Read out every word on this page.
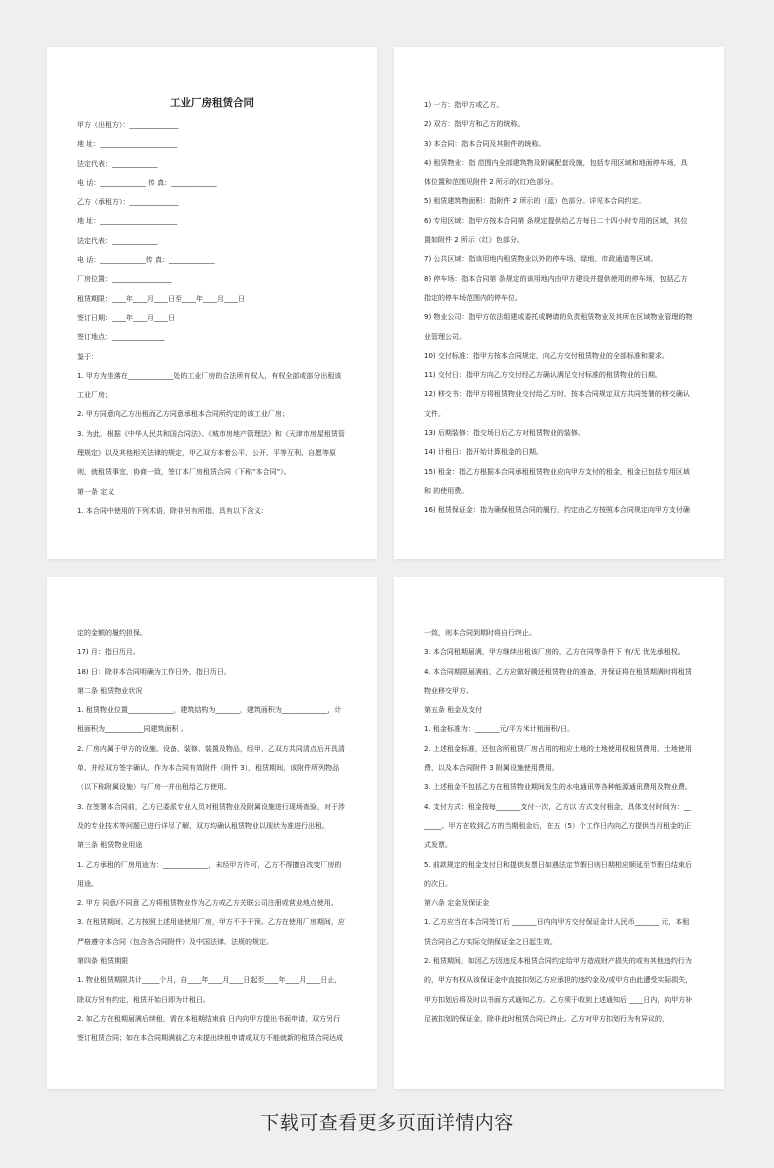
工业厂房租赁合同

甲方（出租方）：______________

地 址：______________________

法定代表：_____________

电 话：_____________ 传 真：_____________

乙方（承租方）：______________

地 址：______________________

法定代表：_____________

电 话：_____________传 真：_____________

厂房位置：_________________

租赁期限：____年____月____日至____年____月____日

签订日期：____年____月____日

签订地点：_______________

鉴于：

1. 甲方为坐落在_____________处的工业厂房的合法所有权人，有权全部或部分出租该工业厂房；

2. 甲方同意向乙方出租而乙方同意承租本合同所约定的该工业厂房；

3. 为此，根据《中华人民共和国合同法》、《城市房地产管理法》和《天津市房屋租赁管理规定》以及其他相关法律的规定，甲乙双方本着公平、公开、平等互利、自愿等原则，就租赁事宜，协商一致，签订本厂房租赁合同（下称“本合同”）。

第一条 定义

1. 本合同中使用的下列术语，除非另有所指，具有以下含义：

1) 一方：指甲方或乙方。

2) 双方：指甲方和乙方的统称。

3) 本合同：指本合同及其附件的统称。

4) 租赁物业：指 范围内全部建筑物及附属配套设施，包括专用区域和地面停车场，具体位置和范围见附件 2 所示的(红)色部分。

5) 租赁建筑物面积：指附件 2 所示的（蓝）色部分。详见本合同约定。

6) 专用区域：指甲方按本合同第 条规定提供给乙方每日二十四小时专用的区域，其位置如附件 2 所示（红）色部分。

7) 公共区域：指该用地内租赁物业以外的停车场、绿地、市政通道等区域。

8) 停车场：指本合同第 条规定的该用地内由甲方建设并提供使用的停车场，包括乙方指定的停车场范围内的停车位。

9) 物业公司：指甲方依法组建或委托或聘请的负责租赁物业及其所在区域物业管理的物业管理公司。

10) 交付标准：指甲方按本合同规定，向乙方交付租赁物业的全部标准和要求。

11) 交付日：指甲方向乙方交付经乙方确认满足交付标准的租赁物业的日期。

12) 移交书：指甲方将租赁物业交付给乙方时，按本合同规定双方共同签署的移交确认文件。

13) 后期装修：指交场日后乙方对租赁物业的装修。

14) 计租日：指开始计算租金的日期。

15) 租金：指乙方根据本合同承租租赁物业应向甲方支付的租金，租金已包括专用区域和 的使用费。

16) 租赁保证金：指为确保租赁合同的履行，约定由乙方按照本合同规定向甲方支付确

定的金额的履约担保。

17) 月：指日历月。

18) 日：除非本合同明确为工作日外，指日历日。

第二条 租赁物业状况

1. 租赁物业位置_____________，建筑结构为_______，建筑面积为_____________，计租面积为___________同建筑面积 。

2. 厂房内属于甲方的设施、设备、装修、装置及物品，经甲、乙双方共同清点后开具清单，并经双方签字确认，作为本合同有效附件（附件 3），租赁期间，该附件所列物品（以下称附属设施）与厂房一并出租给乙方使用。

3. 在签署本合同前，乙方已委派专业人员对租赁物业及附属设施进行现场查验，对于涉及的专业技术等问题已进行详尽了解，双方均确认租赁物业以现状为准进行出租。

第三条 租赁物业用途

1. 乙方承租的厂房用途为：_____________，未经甲方许可，乙方不得擅自改变厂房的用途。

2. 甲方 同意/不同意 乙方将租赁物业作为乙方或乙方关联公司注册或营业地点使用。

3. 在租赁期间，乙方按照上述用途使用厂房，甲方不予干预。乙方在使用厂房期间，应严格遵守本合同（包含各合同附件）及中国法律、法规的规定。

第四条 租赁期限

1. 物业租赁期限共计_____个月，自____年____月____日起至____年____月____日止，除双方另有约定，租赁开始日即为计租日。

2. 如乙方在租期届满后续租，需在本租期结束前 日内向甲方提出书面申请，双方另行签订租赁合同；如在本合同期满前乙方未提出续租申请或双方不能就新的租赁合同达成

一致，则本合同到期时将自行终止。

3. 本合同租期届满，甲方继续出租该厂房的，乙方在同等条件下 有/无 优先承租权。

4. 本合同期限届满前，乙方应做好腾还租赁物业的准备，并保证将在租赁期满时将租赁物业移交甲方。

第五条 租金及支付

1. 租金标准为：_______元/平方米计租面积/日。

2. 上述租金标准，还包含所租赁厂房占用的相应土地的土地使用权租赁费用、土地使用费，以及本合同附件 3 附属设施使用费用。

3. 上述租金不包括乙方在租赁物业期间发生的水电通讯等各种能源通讯费用及物业费。

4. 支付方式：租金按每_______支付一次，乙方以 方式支付租金，具体支付时间为：_______。甲方在收到乙方的当期租金后，在五（5）个工作日内向乙方提供当月租金的正式发票。

5. 前款规定的租金支付日和提供发票日如遇法定节假日则日期相应顺延至节假日结束后的次日。

第六条 定金及保证金

1. 乙方应当在本合同签订后 _______日内向甲方交付保证金计人民币_______ 元，本租赁合同自乙方实际交纳保证金之日起生效。

2. 租赁期间，如因乙方因违反本租赁合同约定给甲方造成财产损失的或有其他违约行为的，甲方有权从该保证金中直接扣划乙方应承担的违约金及/或甲方由此遭受实际损失，甲方扣划后将及时以书面方式通知乙方。乙方须于收到上述通知后 ____日内，向甲方补足被扣划的保证金，除非此时租赁合同已终止。乙方对甲方扣划行为有异议的，

下载可查看更多页面详情内容
